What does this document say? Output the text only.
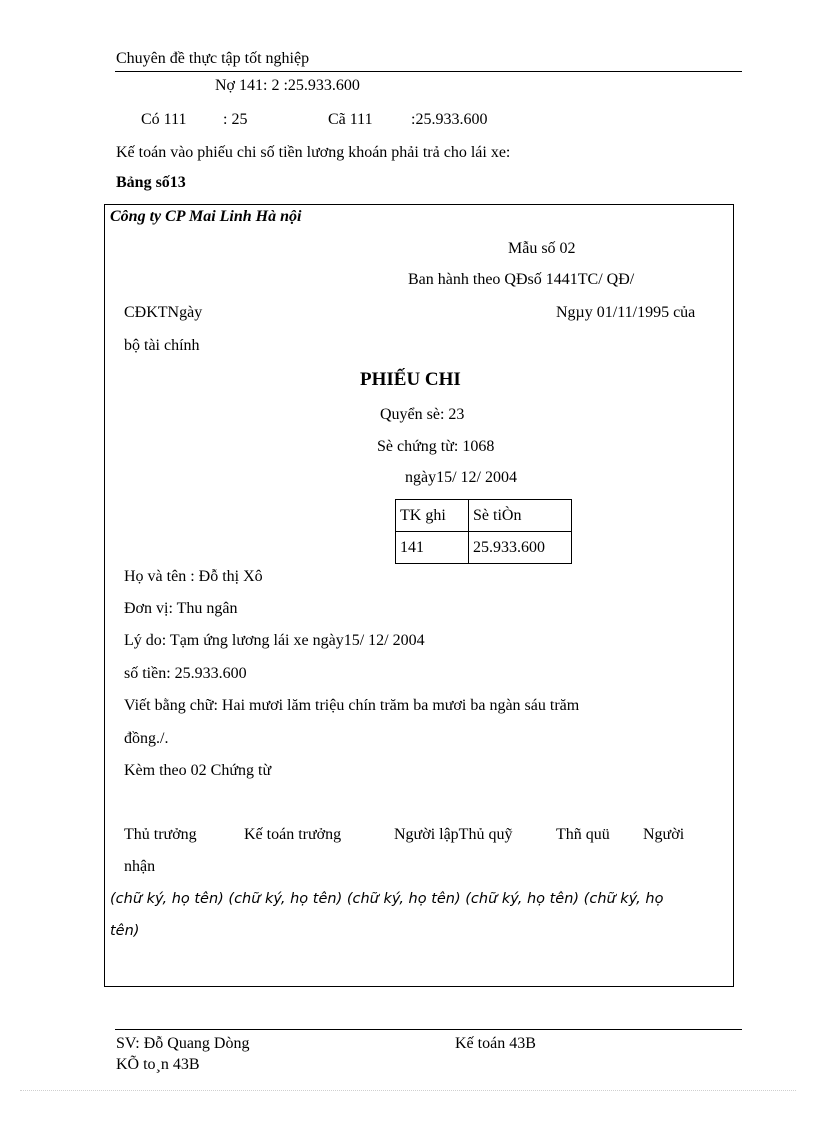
Chuyên đề thực tập tốt nghiệp
Nợ 141: 2 :25.933.600
Có 111 : 25	Cã 111 :25.933.600
Kế toán vào phiếu chi số tiền lương khoán phải trả cho lái xe:
Bảng số13
Công ty CP Mai Linh Hà nội
Mẫu số 02
Ban hành theo QĐsố 1441TC/ QĐ/
CĐKTNgày	Ngµy 01/11/1995 của
bộ tài chính
PHIẾU CHI
Quyển sè: 23
Sè chứng từ: 1068
ngày15/ 12/ 2004
TK ghi	Sè tiÒn
141	25.933.600
Họ và tên : Đỗ thị Xô
Đơn vị: Thu ngân
Lý do: Tạm ứng lương lái xe ngày15/ 12/ 2004
số tiền: 25.933.600
Viết bằng chữ: Hai mươi lăm triệu chín trăm ba mươi ba ngàn sáu trăm
đồng./.
Kèm theo 02 Chứng từ
Thủ trưởng	Kế toán trưởng	Người lậpThủ quỹ	Thñ quü Người
nhận
(chữ ký, họ tên) (chữ ký, họ tên) (chữ ký, họ tên) (chữ ký, họ tên) (chữ ký, họ
tên)
SV: Đỗ Quang Dòng	Kế toán 43B
KÕ to¸n 43B
